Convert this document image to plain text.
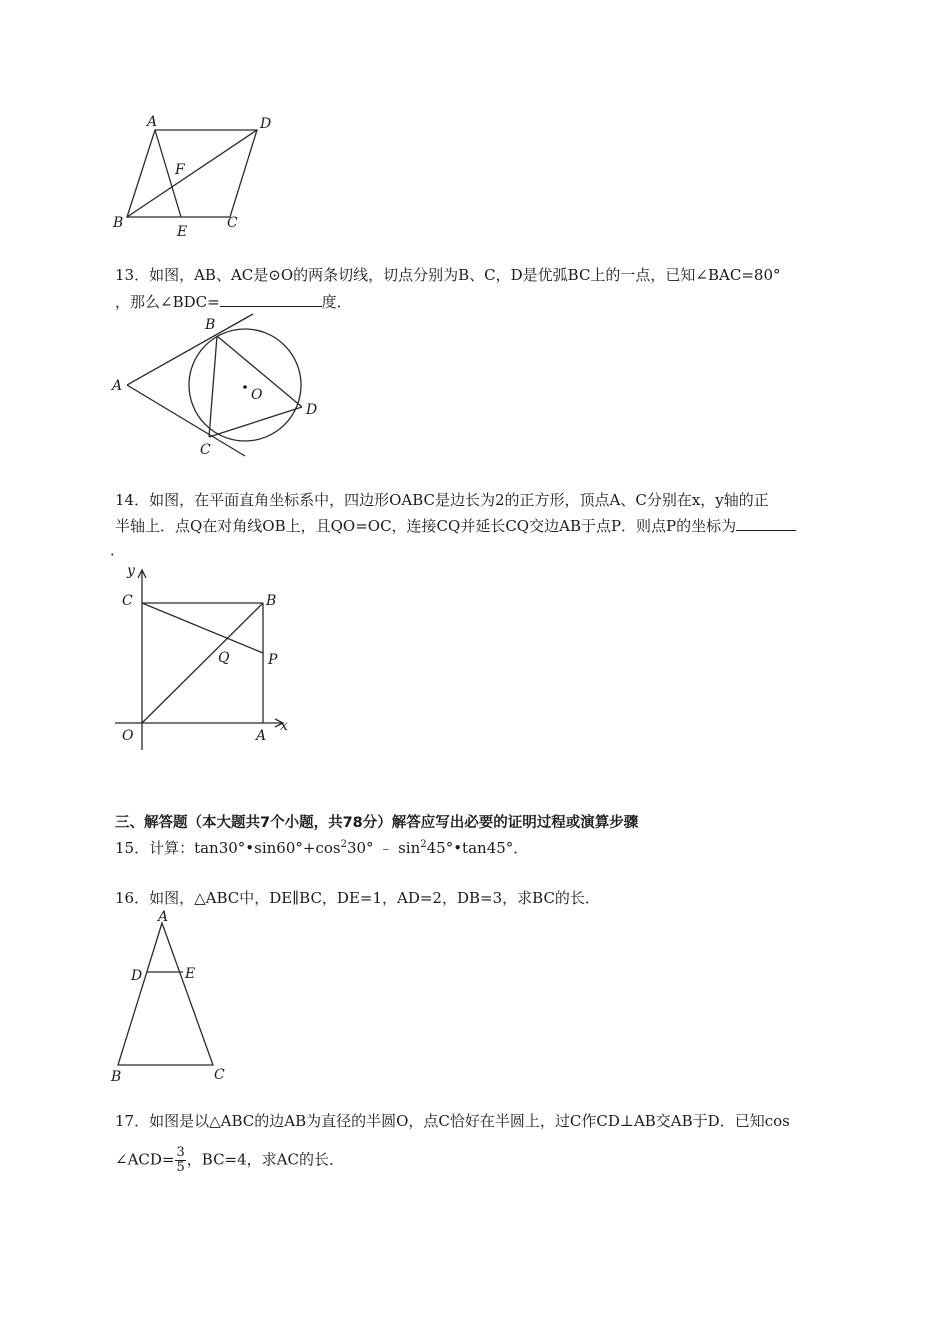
A	D
F
B
E
C
13．如图，AB、AC是⊙O的两条切线，切点分别为B、C，D是优弧BC上的一点，已知∠BAC=80°
，那么∠BDC=	度．
A
B
C
D
O
14．如图，在平面直角坐标系中，四边形OABC是边长为2的正方形，顶点A、C分别在x，y轴的正
半轴上．点Q在对角线OB上，且QO=OC，连接CQ并延长CQ交边AB于点P．则点P的坐标为
．
y
x
C	B
Q	P
O	A
三、解答题（本大题共7个小题，共78分）解答应写出必要的证明过程或演算步骤
15．计算：$\tan 30^\circ•\sin 60^\circ+\cos^230^\circ$ ﹣ $\sin^245^\circ•\tan 45^\circ$．
16．如图，△ABC中，DE∥BC，DE=1，AD=2，DB=3，求BC的长．
A
D	E
B	C
17．如图是以△ABC的边AB为直径的半圆O，点C恰好在半圆上，过C作CD⊥AB交AB于D．已知cos
∠ACD= $\frac{3}{5}$ ，BC=4，求AC的长．
